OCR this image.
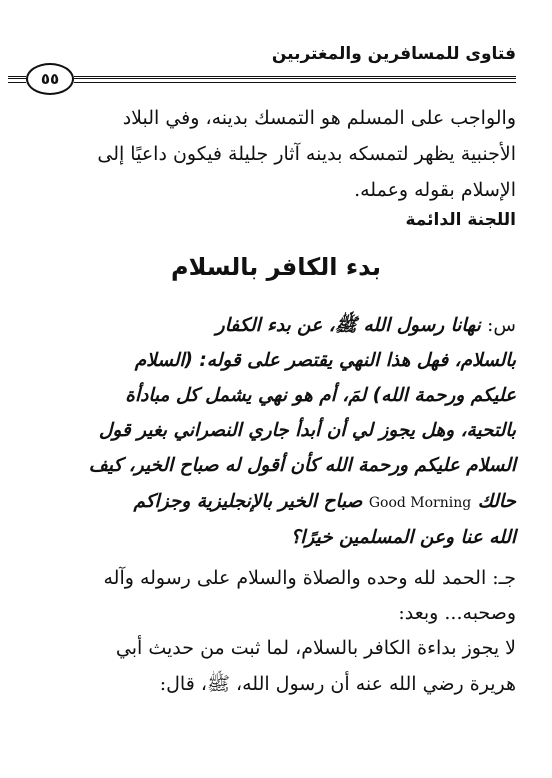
فتاوى للمسافرين والمغتربين
٥٥
والواجب على المسلم هو التمسك بدينه، وفي البلاد
الأجنبية يظهر لتمسكه بدينه آثار جليلة فيكون داعيًا إلى
الإسلام بقوله وعمله.
اللجنة الدائمة
بدء الكافر بالسلام
س: نهانا رسول الله ﷺ، عن بدء الكفار
بالسلام، فهل هذا النهي يقتصر على قوله: (السلام
عليكم ورحمة الله) لمَ، أم هو نهي يشمل كل مبادأة
بالتحية، وهل يجوز لي أن أبدأ جاري النصراني بغير قول
السلام عليكم ورحمة الله كأن أقول له صباح الخير، كيف
حالك Good Morning صباح الخير بالإنجليزية وجزاكم
الله عنا وعن المسلمين خيرًا؟
جـ: الحمد لله وحده والصلاة والسلام على رسوله وآله
وصحبه... وبعد:
لا يجوز بداءة الكافر بالسلام، لما ثبت من حديث أبي
هريرة رضي الله عنه أن رسول الله، ﷺ، قال:
